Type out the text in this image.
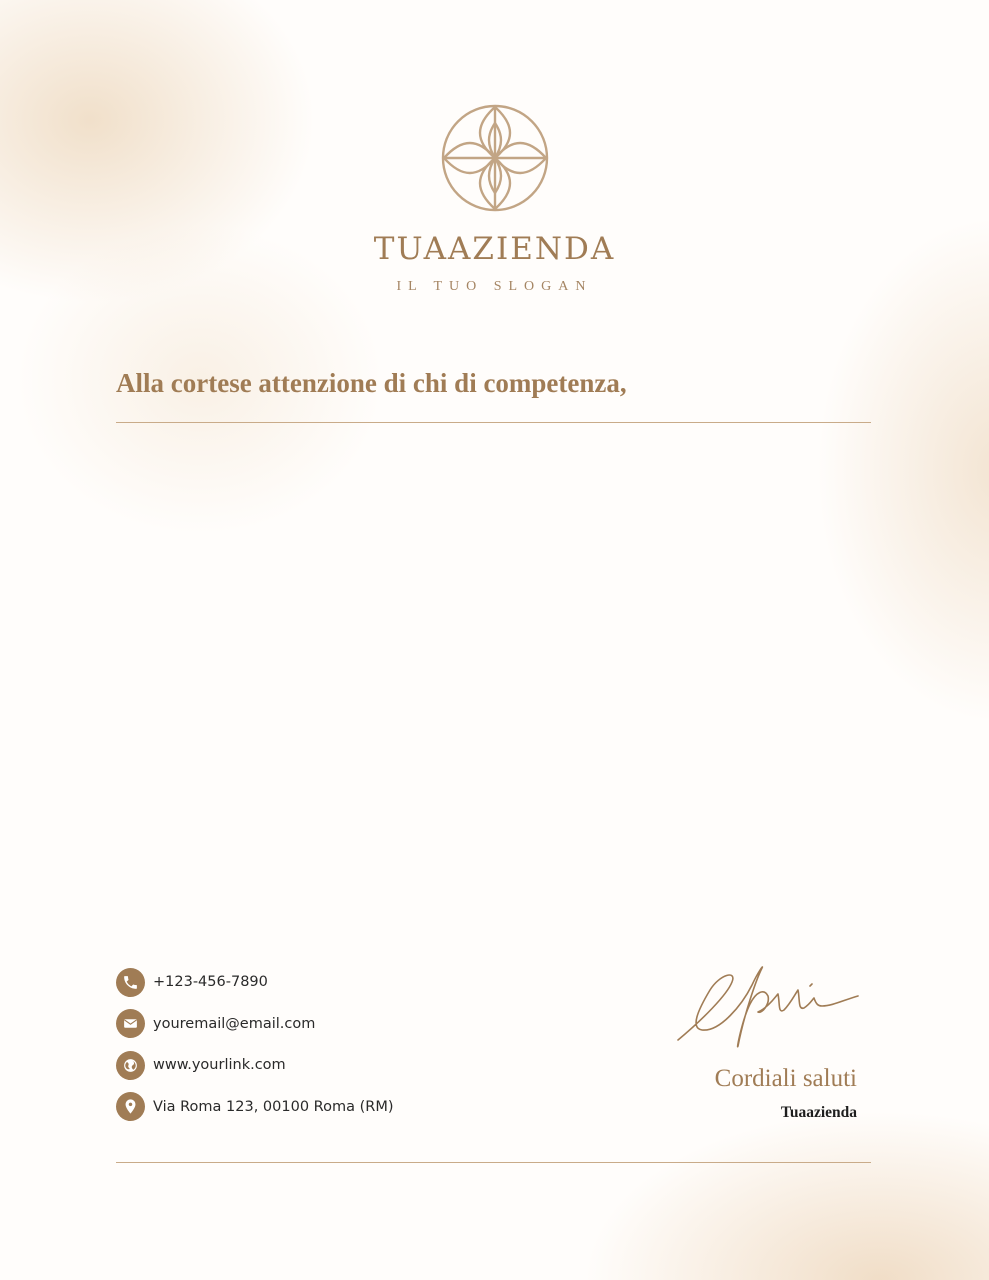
TUAAZIENDA
IL TUO SLOGAN
Alla cortese attenzione di chi di competenza,
+123-456-7890
youremail@email.com
www.yourlink.com
Via Roma 123, 00100 Roma (RM)
Cordiali saluti
Tuaazienda
